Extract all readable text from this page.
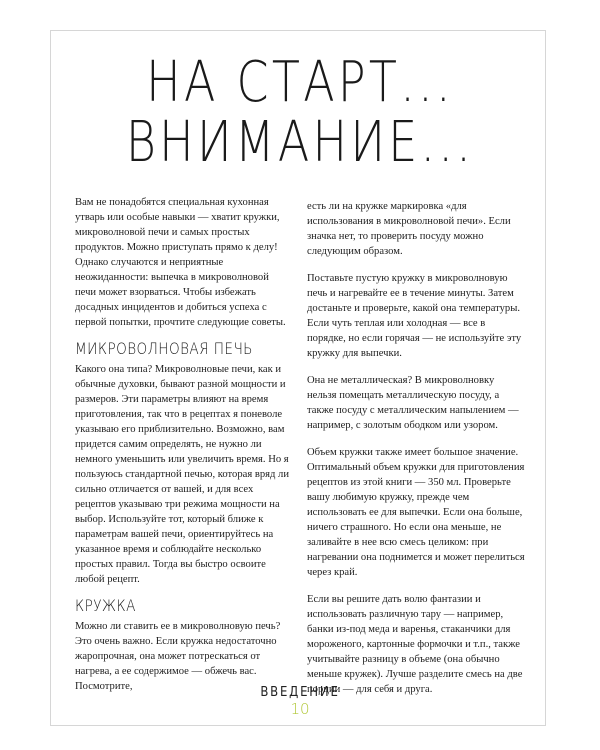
НА СТАРТ...
ВНИМАНИЕ...

Вам не понадобятся специальная кухонная утварь или особые навыки — хватит кружки, микроволновой печи и самых простых продуктов. Можно приступать прямо к делу! Однако случаются и неприятные неожиданности: выпечка в микроволновой печи может взорваться. Чтобы избежать досадных инцидентов и добиться успеха с первой попытки, прочтите следующие советы.

МИКРОВОЛНОВАЯ ПЕЧЬ

Какого она типа? Микроволновые печи, как и обычные духовки, бывают разной мощности и размеров. Эти параметры влияют на время приготовления, так что в рецептах я поневоле указываю его приблизительно. Возможно, вам придется самим определять, не нужно ли немного уменьшить или увеличить время. Но я пользуюсь стандартной печью, которая вряд ли сильно отличается от вашей, и для всех рецептов указываю три режима мощности на выбор. Используйте тот, который ближе к параметрам вашей печи, ориентируйтесь на указанное время и соблюдайте несколько простых правил. Тогда вы быстро освоите любой рецепт.

КРУЖКА

Можно ли ставить ее в микроволновую печь? Это очень важно. Если кружка недостаточно жаропрочная, она может потрескаться от нагрева, а ее содержимое — обжечь вас. Посмотрите,

есть ли на кружке маркировка «для использования в микроволновой печи». Если значка нет, то проверить посуду можно следующим образом.

Поставьте пустую кружку в микроволновую печь и нагревайте ее в течение минуты. Затем достаньте и проверьте, какой она температуры. Если чуть теплая или холодная — все в порядке, но если горячая — не используйте эту кружку для выпечки.

Она не металлическая? В микроволновку нельзя помещать металлическую посуду, а также посуду с металлическим напылением — например, с золотым ободком или узором.

Объем кружки также имеет большое значение. Оптимальный объем кружки для приготовления рецептов из этой книги — 350 мл. Проверьте вашу любимую кружку, прежде чем использовать ее для выпечки. Если она больше, ничего страшного. Но если она меньше, не заливайте в нее всю смесь целиком: при нагревании она поднимется и может перелиться через край.

Если вы решите дать волю фантазии и использовать различную тару — например, банки из-под меда и варенья, стаканчики для мороженого, картонные формочки и т.п., также учитывайте разницу в объеме (она обычно меньше кружек). Лучше разделите смесь на две порции — для себя и друга.

ВВЕДЕНИЕ
10
